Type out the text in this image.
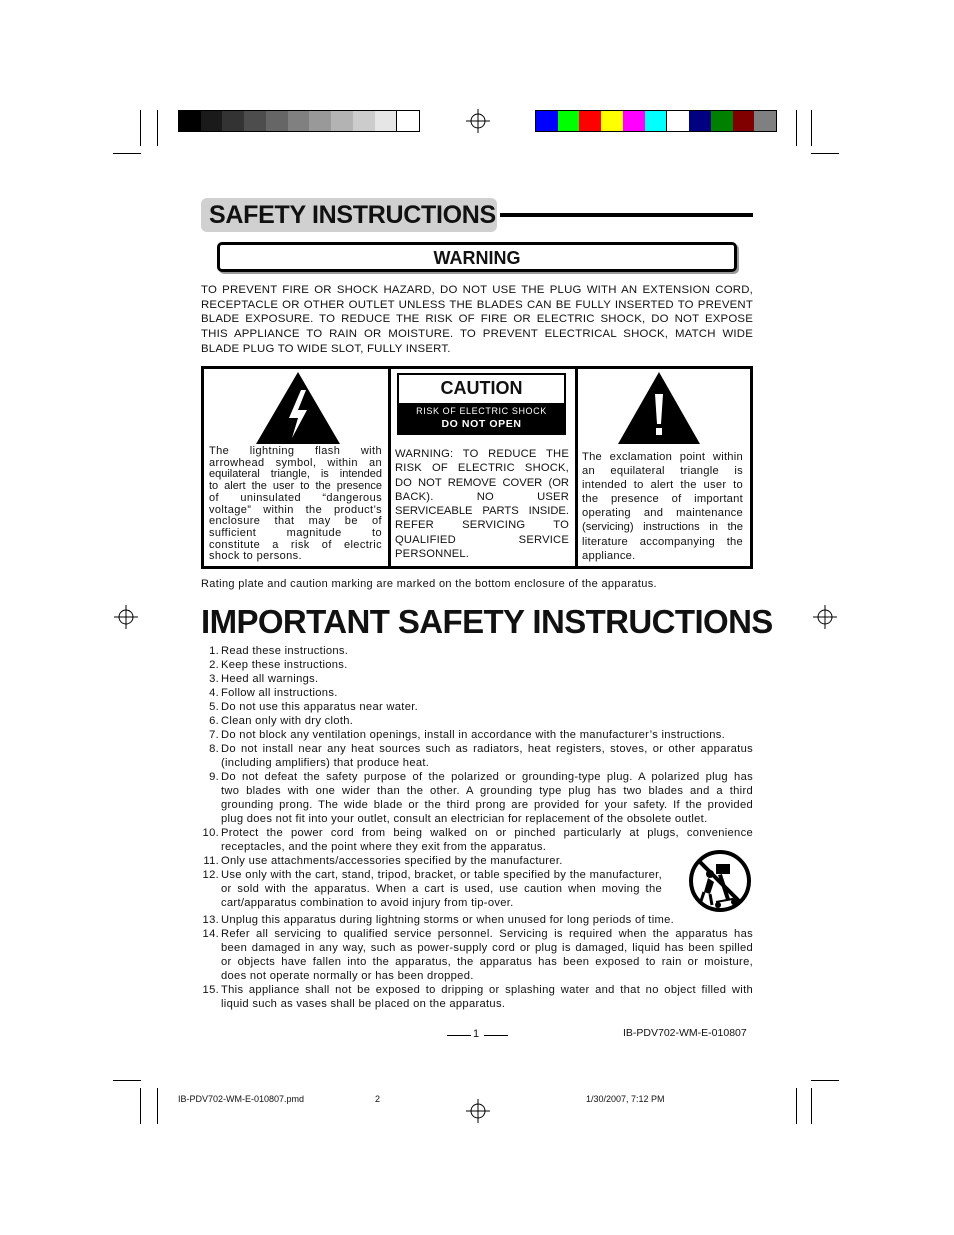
SAFETY INSTRUCTIONS
WARNING
TO PREVENT FIRE OR SHOCK HAZARD, DO NOT USE THE PLUG WITH AN EXTENSION CORD,
RECEPTACLE OR OTHER OUTLET UNLESS THE BLADES CAN BE FULLY INSERTED TO PREVENT
BLADE EXPOSURE. TO REDUCE THE RISK OF FIRE OR ELECTRIC SHOCK, DO NOT EXPOSE
THIS APPLIANCE TO RAIN OR MOISTURE. TO PREVENT ELECTRICAL SHOCK, MATCH WIDE
BLADE PLUG TO WIDE SLOT, FULLY INSERT.
The lightning flash with
arrowhead symbol, within an
equilateral triangle, is intended
to alert the user to the presence
of uninsulated “dangerous
voltage” within the product’s
enclosure that may be of
sufficient magnitude to
constitute a risk of electric
shock to persons.
CAUTION
RISK OF ELECTRIC SHOCK
DO NOT OPEN
WARNING: TO REDUCE THE
RISK OF ELECTRIC SHOCK,
DO NOT REMOVE COVER (OR
BACK). NO USER
SERVICEABLE PARTS INSIDE.
REFER SERVICING TO
QUALIFIED SERVICE
PERSONNEL.
The exclamation point within
an equilateral triangle is
intended to alert the user to
the presence of important
operating and maintenance
(servicing) instructions in the
literature accompanying the
appliance.
Rating plate and caution marking are marked on the bottom enclosure of the apparatus.
IMPORTANT SAFETY INSTRUCTIONS
1. Read these instructions.
2. Keep these instructions.
3. Heed all warnings.
4. Follow all instructions.
5. Do not use this apparatus near water.
6. Clean only with dry cloth.
7. Do not block any ventilation openings, install in accordance with the manufacturer’s instructions.
8. Do not install near any heat sources such as radiators, heat registers, stoves, or other apparatus
(including amplifiers) that produce heat.
9. Do not defeat the safety purpose of the polarized or grounding-type plug. A polarized plug has
two blades with one wider than the other. A grounding type plug has two blades and a third
grounding prong. The wide blade or the third prong are provided for your safety. If the provided
plug does not fit into your outlet, consult an electrician for replacement of the obsolete outlet.
10. Protect the power cord from being walked on or pinched particularly at plugs, convenience
receptacles, and the point where they exit from the apparatus.
11. Only use attachments/accessories specified by the manufacturer.
12. Use only with the cart, stand, tripod, bracket, or table specified by the manufacturer,
or sold with the apparatus. When a cart is used, use caution when moving the
cart/apparatus combination to avoid injury from tip-over.
13. Unplug this apparatus during lightning storms or when unused for long periods of time.
14. Refer all servicing to qualified service personnel. Servicing is required when the apparatus has
been damaged in any way, such as power-supply cord or plug is damaged, liquid has been spilled
or objects have fallen into the apparatus, the apparatus has been exposed to rain or moisture,
does not operate normally or has been dropped.
15. This appliance shall not be exposed to dripping or splashing water and that no object filled with
liquid such as vases shall be placed on the apparatus.
1	IB-PDV702-WM-E-010807
IB-PDV702-WM-E-010807.pmd	2	1/30/2007, 7:12 PM
